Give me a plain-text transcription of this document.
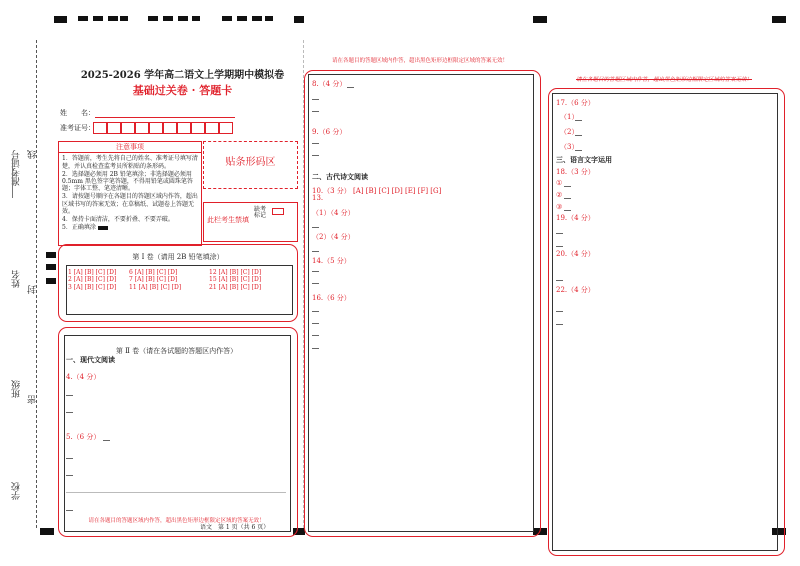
准考证号 线
姓名
封
班级
密
学校
2025-2026 学年高二语文上学期期中模拟卷
基础过关卷 · 答题卡
姓　　名：
准考证号：
注意事项
1．答题前，考生先将自己的姓名、准考证号填写清楚，并认真检查监考员所粘贴的条形码。
2．选择题必须用 2B 铅笔填涂；非选择题必须用 0.5mm 黑色签字笔答题，不得用铅笔或圆珠笔答题；字体工整、笔迹清晰。
3．请按题号顺序在各题目的答题区域内作答，超出区域书写的答案无效；在草稿纸、试题卷上答题无效。
4．保持卡面清洁，不要折叠、不要弄破。
5．正确填涂
贴条形码区
此栏考生禁填
缺考标记
第 Ⅰ 卷（请用 2B 铅笔填涂）
1 [A] [B] [C] [D]
2 [A] [B] [C] [D]
3 [A] [B] [C] [D]
6 [A] [B] [C] [D]
7 [A] [B] [C] [D]
11 [A] [B] [C] [D]
12 [A] [B] [C] [D]
15 [A] [B] [C] [D]
21 [A] [B] [C] [D]
第 Ⅱ 卷（请在各试题的答题区内作答）
一、现代文阅读
4.（4 分）
5.（6 分）
请在各题目的答题区域内作答，超出黑色矩形边框限定区域的答案无效！
语文　第 1 页（共 6 页）
请在各题目的答题区域内作答，超出黑色矩形边框限定区域的答案无效！
8.（4 分）
9.（6 分）
二、古代诗文阅读
10.（3 分） [A] [B] [C] [D] [E] [F] [G]
13.
（1）（4 分）
（2）（4 分）
14.（5 分）
16.（6 分）
请在各题目的答题区域内作答，超出黑色矩形边框限定区域的答案无效！
17.（6 分）
（1）
（2）
（3）
三、语言文字运用
18.（3 分）
①
②
③
19.（4 分）
20.（4 分）
22.（4 分）
